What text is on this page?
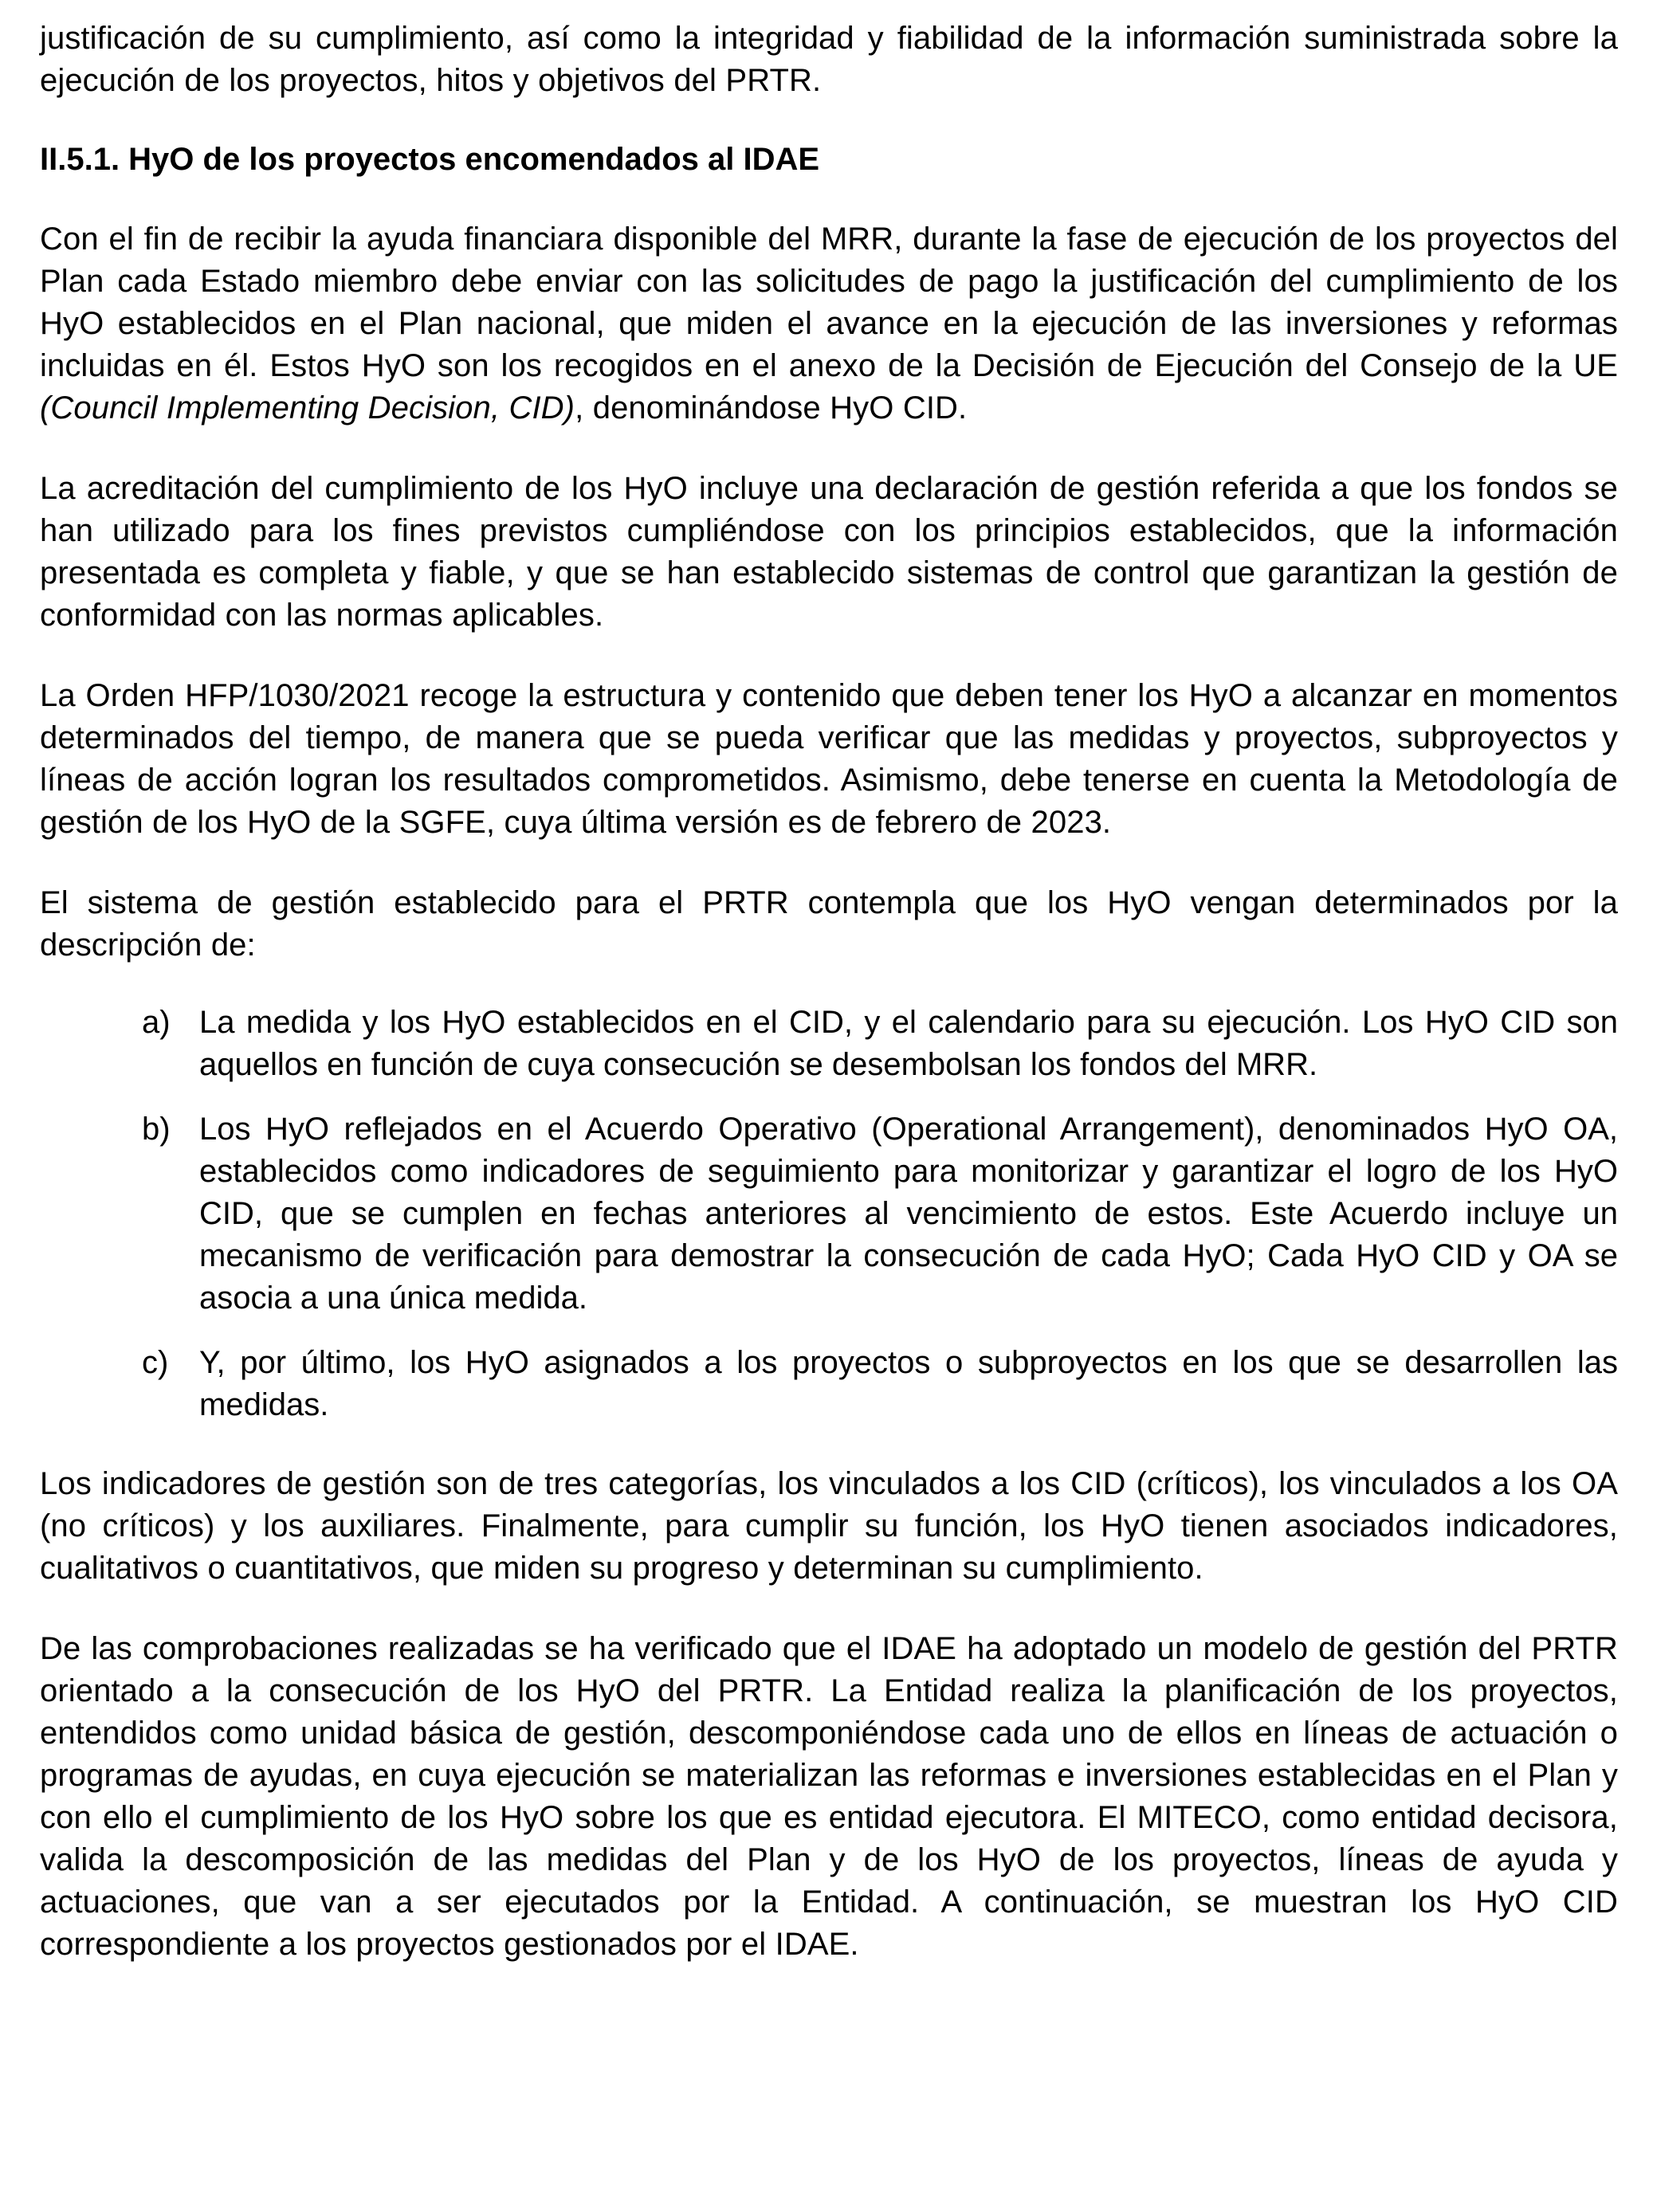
justificación de su cumplimiento, así como la integridad y fiabilidad de la información suministrada sobre la ejecución de los proyectos, hitos y objetivos del PRTR.

II.5.1. HyO de los proyectos encomendados al IDAE

Con el fin de recibir la ayuda financiara disponible del MRR, durante la fase de ejecución de los proyectos del Plan cada Estado miembro debe enviar con las solicitudes de pago la justificación del cumplimiento de los HyO establecidos en el Plan nacional, que miden el avance en la ejecución de las inversiones y reformas incluidas en él. Estos HyO son los recogidos en el anexo de la Decisión de Ejecución del Consejo de la UE (Council Implementing Decision, CID), denominándose HyO CID.

La acreditación del cumplimiento de los HyO incluye una declaración de gestión referida a que los fondos se han utilizado para los fines previstos cumpliéndose con los principios establecidos, que la información presentada es completa y fiable, y que se han establecido sistemas de control que garantizan la gestión de conformidad con las normas aplicables.

La Orden HFP/1030/2021 recoge la estructura y contenido que deben tener los HyO a alcanzar en momentos determinados del tiempo, de manera que se pueda verificar que las medidas y proyectos, subproyectos y líneas de acción logran los resultados comprometidos. Asimismo, debe tenerse en cuenta la Metodología de gestión de los HyO de la SGFE, cuya última versión es de febrero de 2023.

El sistema de gestión establecido para el PRTR contempla que los HyO vengan determinados por la descripción de:

a) La medida y los HyO establecidos en el CID, y el calendario para su ejecución. Los HyO CID son aquellos en función de cuya consecución se desembolsan los fondos del MRR.
b) Los HyO reflejados en el Acuerdo Operativo (Operational Arrangement), denominados HyO OA, establecidos como indicadores de seguimiento para monitorizar y garantizar el logro de los HyO CID, que se cumplen en fechas anteriores al vencimiento de estos. Este Acuerdo incluye un mecanismo de verificación para demostrar la consecución de cada HyO; Cada HyO CID y OA se asocia a una única medida.
c) Y, por último, los HyO asignados a los proyectos o subproyectos en los que se desarrollen las medidas.

Los indicadores de gestión son de tres categorías, los vinculados a los CID (críticos), los vinculados a los OA (no críticos) y los auxiliares. Finalmente, para cumplir su función, los HyO tienen asociados indicadores, cualitativos o cuantitativos, que miden su progreso y determinan su cumplimiento.

De las comprobaciones realizadas se ha verificado que el IDAE ha adoptado un modelo de gestión del PRTR orientado a la consecución de los HyO del PRTR. La Entidad realiza la planificación de los proyectos, entendidos como unidad básica de gestión, descomponiéndose cada uno de ellos en líneas de actuación o programas de ayudas, en cuya ejecución se materializan las reformas e inversiones establecidas en el Plan y con ello el cumplimiento de los HyO sobre los que es entidad ejecutora. El MITECO, como entidad decisora, valida la descomposición de las medidas del Plan y de los HyO de los proyectos, líneas de ayuda y actuaciones, que van a ser ejecutados por la Entidad. A continuación, se muestran los HyO CID correspondiente a los proyectos gestionados por el IDAE.
